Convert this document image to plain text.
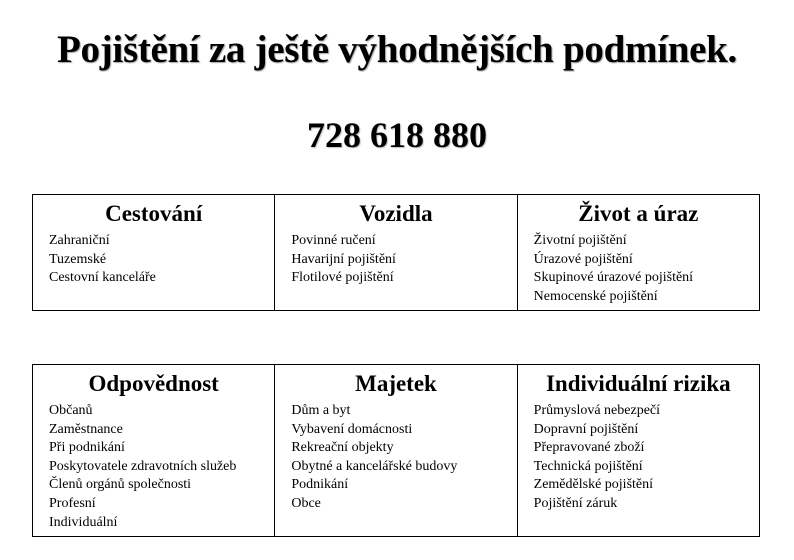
Pojištění za ještě výhodnějších podmínek.
728 618 880
Cestování
Zahraniční
Tuzemské
Cestovní kanceláře
Vozidla
Povinné ručení
Havarijní pojištění
Flotilové pojištění
Život a úraz
Životní pojištění
Úrazové pojištění
Skupinové úrazové pojištění
Nemocenské pojištění
Odpovědnost
Občanů
Zaměstnance
Při podnikání
Poskytovatele zdravotních služeb
Členů orgánů společnosti
Profesní
Individuální
Majetek
Dům a byt
Vybavení domácnosti
Rekreační objekty
Obytné a kancelářské budovy
Podnikání
Obce
Individuální rizika
Průmyslová nebezpečí
Dopravní pojištění
Přepravované zboží
Technická pojištění
Zemědělské pojištění
Pojištění záruk
